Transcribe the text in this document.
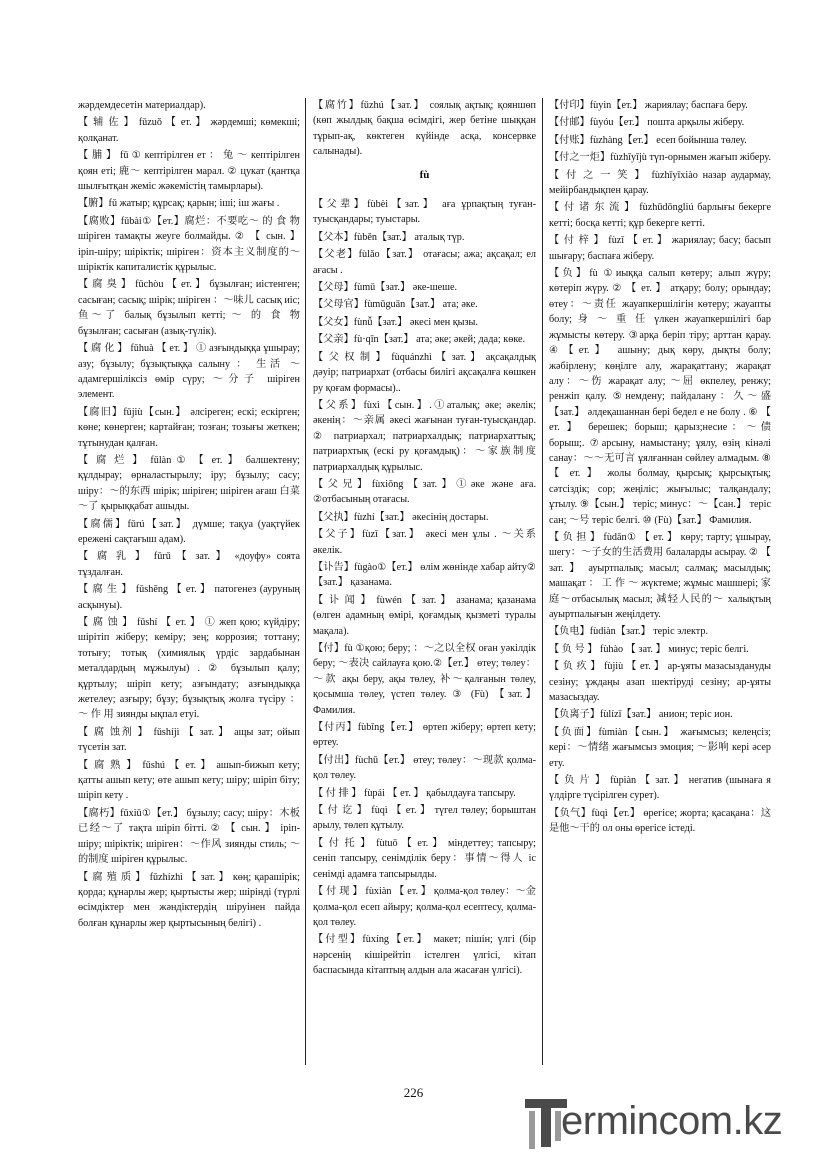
жәрдемдесетін материалдар).
【 辅 佐 】 fǔzuǒ 【 ет. 】 жәрдемші; көмекші; қолқанат.
【 脯 】 fǔ ① кептірілген ет ： 兔 ～ кептірілген қоян еті; 鹿～ кептірілген марал. ② цукат (қантқа шылғытқан жеміс жəкемістің тамырлары).
【腑】fǔ жатыр; құрсақ; қарын; іші; іш жағы .
【腐败】fǔbài①【ет.】腐烂：不要吃～ 的 食 物 шіріген тамақты жеуге болмайды. ② 【 сын. 】 іріп-шіру; шіріктік; шіріген：资本主义制度的～ шіріктік капиталистік құрылыс.
【 腐 臭 】 fǔchòu 【 ет. 】 бұзылған; иістенген; сасыған; сасық; шірік; шіріген ：～味儿 сасық иіс; 鱼～了 балық бұзылып кетті; ～ 的 食 物 бұзылған; сасыған (азық-түлік).
【 腐 化 】 fǔhuà 【 ет. 】 ① азғындыққа ұшырау; азу; бұзылу; бұзықтыққа салыну ： 生活 ～ адамгершіліксіз өмір сүру; ～分子 шіріген элемент.
【腐旧】fǔjiù【сын.】 әлсіреген; ескі; ескірген; көне; көнерген; картайған; тозған; тозығы жеткен; тұтынудан қалған.
【 腐 烂 】 fǔlàn ① 【 ет. 】 балшектену; құлдырау; өрналастырылу; іру; бұзылу; сасу; шіру：～的东西 шірік; шіріген; шіріген ағаш 白菜～了 қырыққабат ашыды.
【腐儒】fǔrú【зат.】 дүмше; тақуа (уақтүйек ережені сақтағыш адам).
【 腐 乳 】 fǔrǔ 【 зат. 】 «доуфу» соята тұздалған.
【 腐 生 】 fǔshēng 【 ет. 】 патогенез (ауруның асқынуы).
【 腐 蚀 】 fǔshí 【 ет. 】 ① жеп қою; күйдіру; шірітіп жіберу; кеміру; зең; коррозия; тоттану; тотығу; тотық (химиялық үрдіс зардабынан металдардың мұжылуы) . ② бұзылып қалу; құртылу; шіріп кету; азғындату; азғындыққа жетелеу; азғыру; бұзу; бұзықтық жолға түсіру ： ～ 作 用 зиянды ықпал етуі.
【 腐 蚀剂 】 fǔshíjì 【 зат. 】 ащы зат; ойып түсетін зат.
【 腐 熟 】 fǔshú 【 ет. 】 ашып-бижып кету; қатты ашып кету; өте ашып кету; шіру; шіріп біту; шіріп кету .
【腐朽】fǔxiǔ①【ет.】 бұзылу; сасу; шіру：木板已经～了 тақта шіріп бітті. ② 【 сын. 】 іріп-шіру; шіріктік; шіріген：～作风 зиянды стиль; ～的制度 шіріген құрылыс.
【 腐 殖 质 】 fǔzhízhì 【 зат. 】 көң; қарашірік; қорда; құнарлы жер; қыртысты жер; шіріндi (түрлі өсімдіктер мен жәндіктердің шіруінен пайда болған құнарлы жер қыртысының белігі) .
【腐竹】fǔzhú【зат.】 соялық ақтық; қояншөп (көп жылдық бақша өсімдігі, жер бетіне шыққан тұрып-ақ, көктеген күйінде асқа, консервке салынады).
fù
【父辈】fùbèi【зат.】 аға ұрпақтың туған-туысқандары; туыстары.
【父本】fùběn【зат.】 аталық түр.
【父老】fùlǎo【зат.】 отағасы; ажа; ақсақал; ел ағасы .
【父母】fùmǔ【зат.】 әке-шеше.
【父母官】fùmǔguān【зат.】 ата; әке.
【父女】fùnǚ【зат.】 әкесі мен қызы.
【父亲】fù·qīn【зат.】 ата; әке; әкей; дада; көке.
【 父 权 制 】 fùquánzhì 【 зат. 】 ақсақалдық дәуір; патриархат (отбасы билігі ақсақалға көшкен ру қоғам формасы)..
【父系】fùxì【сын.】.①аталық; әке; әкелік; әкенің：～亲属 әкесі жағынан туған-туысқандар. ② патриархал; патриархалдық; патриархаттық; патриархтық (ескі ру қоғамдық)：～家族制度 патриархалдық құрылыс.
【父兄】fùxiōng【зат.】①әке және аға. ②отбасының отағасы.
【父执】fùzhí【зат.】 әкесінің достары.
【父子】fùzǐ【зат.】 әкесі мен ұлы . ～关系 әкелік.
【讣告】fùgào①【ет.】 өлім жөнінде хабар айту② 【зат.】 қазанама.
【 讣 闻 】 fùwén 【 зат. 】 азанама; қазанама (өлген адамның өмірі, қоғамдық қызметі туралы мақала).
【付】fù ①қою; беру; ：～之以全权 оған уәкілдік беру; ～表决 сайлауға қою.②【ет.】 өтеу; төлеу：～款 ақы беру, ақы төлеу, 补～қалғанын төлеу, қосымша төлеу, үстеп төлеу. ③ (Fù) 【зат.】 Фамилия.
【付丙】fùbǐng【ет.】 өртеп жіберу; өртеп кету; өртеу.
【付出】fùchū【ет.】 өтеу; төлеу：～现款 қолма-қол төлеу.
【 付 排 】 fùpái 【 ет. 】 қабылдауға тапсыру.
【 付 讫 】 fùqì 【 ет. 】 түгел төлеу; борыштан арылу, төлеп құтылу.
【 付 托 】 fùtuō 【 ет. 】 міндеттеу; тапсыру; сеніп тапсыру, сенімділік беру：事情～得人 іс сенімді адамға тапсырылды.
【 付 现 】 fùxiàn 【 ет. 】 қолма-қол төлеу：～金 қолма-қол есеп айыру; қолма-қол есептесу, қолма-қол төлеу.
【付型】fùxíng【ет.】 макет; пішін; үлгі (бір нәрсенің кішірейтіп істелген үлгісі, кітап баспасында кітаптың алдын ала жасаған үлгісі).
【付印】fùyìn【ет.】 жариялау; баспаға беру.
【付邮】fùyóu【ет.】 пошта арқылы жіберу.
【付账】fùzhàng【ет.】 есеп бойынша төлеу.
【付之一炬】fùzhīyījù түп-орнымен жағып жіберу.
【 付 之 一 笑 】 fùzhīyīxiào назар аудармау, мейірбандықпен қарау.
【 付 诸 东 流 】 fùzhūdōngliú барлығы бекерге кетті; босқа кетті; құр бекерге кетті.
【 付 梓 】 fùzǐ 【 ет. 】 жариялау; басу; басып шығару; баспаға жіберу.
【负】fù ①иыққа салып көтеру; алып жүру; көтеріп жүру. ② 【 ет. 】 атқару; болу; орындау; өтеу：～责任 жауапкершілігін көтеру; жауапты болу; 身 ～ 重 任 үлкен жауапкершілігі бар жұмысты көтеру. ③арқа беріп тіру; арттан қарау. ④【ет.】 ашыну; дық көру, дықты болу; жәбірлену; көңілге алу, жарақаттану; жарақат алу：～伤 жарақат алу; ～屈 өкпелеу, ренжу; ренжіп қалу. ⑤немдену; пайдалану：久～盛【зат.】 әлдеқашаннан бері бедел е не болу . ⑥ 【 ет. 】 берешек; борыш; қарыз;несие：～债 борыш;. ⑦арсыну, намыстану; ұялу, өзің кінәлі санау：～～无可言 ұялғаннан сөйлеу алмадым. ⑧ 【 ет. 】 жолы болмау, қырсық; қырсықтық; сәтсіздік; сор; жеңіліс; жығылыс; талқандалу; ұтылу. ⑨【сын.】 теріс; минус：～【сан.】 теріс сан; ～号 теріс белгі. ⑩ (Fù)【зат.】 Фамилия.
【 负 担 】 fùdān① 【 ет. 】 көру; тарту; ұшырау, шегу：～子女的生活费用 балаларды асырау. ② 【 зат. 】 ауыртпалық; масыл; салмақ; масылдық; машақат ： 工 作 ～ жүктеме; жұмыс машшері; 家庭～отбасылық масыл; 减轻人民的～ халықтың ауыртпалығын жеңілдету.
【负电】fùdiàn【зат.】 теріс электр.
【 负 号 】 fùhào 【 зат. 】 минус; теріс белгі.
【 负 疚 】 fùjiù 【 ет. 】 ар-ұяты мазасыздануды сезіну; ұждаңы азап шектіруді сезіну; ар-ұяты мазасыздау.
【负离子】fùlízǐ【зат.】 анион; теріс ион.
【负面】fùmiàn【сын.】 жағымсыз; келеңсіз; кері：～情绪 жағымсыз эмоция; ～影响 кері әсер ету.
【 负 片 】 fùpiàn 【 зат. 】 негатив (шынаға я үлдірге түсірілген сурет).
【负气】fùqì【ет.】 өрегісе; жорта; қасақана：这是他～干的 ол оны өрегісе істеді.
226
ermincom.kz
